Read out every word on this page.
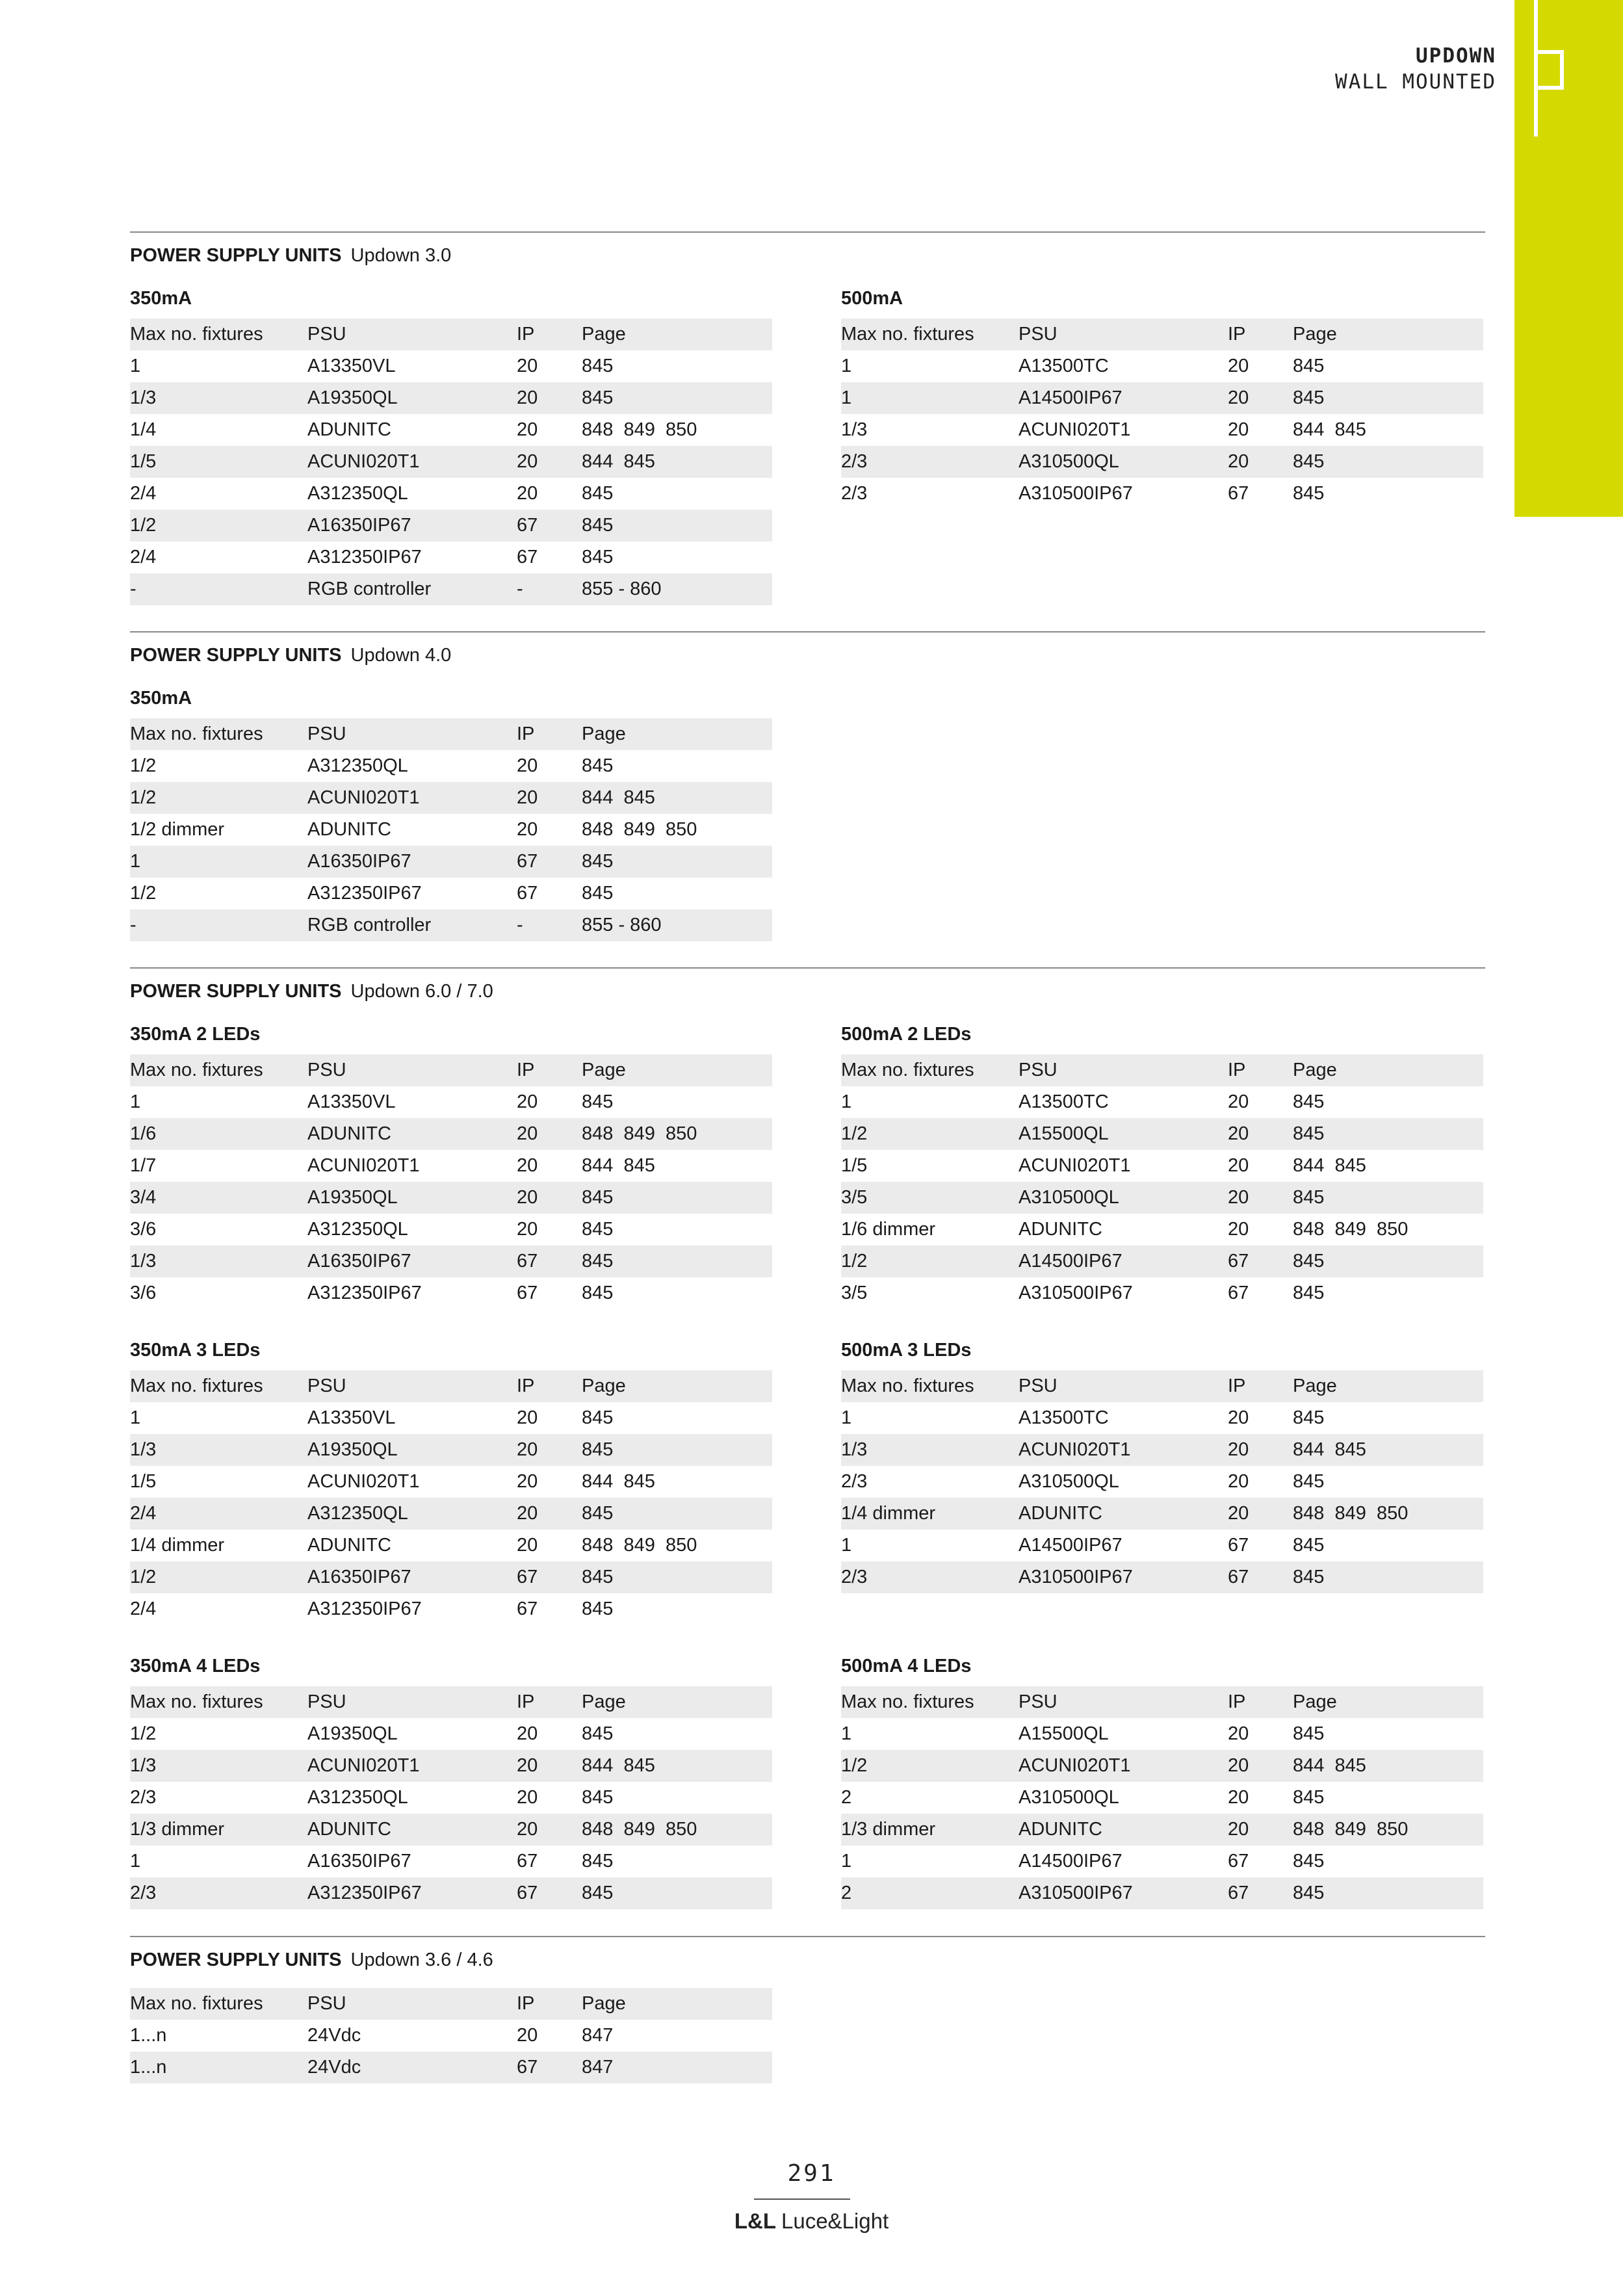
UPDOWN
WALL MOUNTED
POWER SUPPLY UNITS Updown 3.0
350mA
Max no. fixtures	PSU	IP	Page
1	A13350VL	20	845
1/3	A19350QL	20	845
1/4	ADUNITC	20	848  849  850
1/5	ACUNI020T1	20	844  845
2/4	A312350QL	20	845
1/2	A16350IP67	67	845
2/4	A312350IP67	67	845
-	RGB controller	-	855 - 860
500mA
Max no. fixtures	PSU	IP	Page
1	A13500TC	20	845
1	A14500IP67	20	845
1/3	ACUNI020T1	20	844  845
2/3	A310500QL	20	845
2/3	A310500IP67	67	845
POWER SUPPLY UNITS Updown 4.0
350mA
Max no. fixtures	PSU	IP	Page
1/2	A312350QL	20	845
1/2	ACUNI020T1	20	844  845
1/2 dimmer	ADUNITC	20	848  849  850
1	A16350IP67	67	845
1/2	A312350IP67	67	845
-	RGB controller	-	855 - 860
POWER SUPPLY UNITS Updown 6.0 / 7.0
350mA 2 LEDs
Max no. fixtures	PSU	IP	Page
1	A13350VL	20	845
1/6	ADUNITC	20	848  849  850
1/7	ACUNI020T1	20	844  845
3/4	A19350QL	20	845
3/6	A312350QL	20	845
1/3	A16350IP67	67	845
3/6	A312350IP67	67	845
500mA 2 LEDs
Max no. fixtures	PSU	IP	Page
1	A13500TC	20	845
1/2	A15500QL	20	845
1/5	ACUNI020T1	20	844  845
3/5	A310500QL	20	845
1/6 dimmer	ADUNITC	20	848  849  850
1/2	A14500IP67	67	845
3/5	A310500IP67	67	845
350mA 3 LEDs
Max no. fixtures	PSU	IP	Page
1	A13350VL	20	845
1/3	A19350QL	20	845
1/5	ACUNI020T1	20	844  845
2/4	A312350QL	20	845
1/4 dimmer	ADUNITC	20	848  849  850
1/2	A16350IP67	67	845
2/4	A312350IP67	67	845
500mA 3 LEDs
Max no. fixtures	PSU	IP	Page
1	A13500TC	20	845
1/3	ACUNI020T1	20	844  845
2/3	A310500QL	20	845
1/4 dimmer	ADUNITC	20	848  849  850
1	A14500IP67	67	845
2/3	A310500IP67	67	845
350mA 4 LEDs
Max no. fixtures	PSU	IP	Page
1/2	A19350QL	20	845
1/3	ACUNI020T1	20	844  845
2/3	A312350QL	20	845
1/3 dimmer	ADUNITC	20	848  849  850
1	A16350IP67	67	845
2/3	A312350IP67	67	845
500mA 4 LEDs
Max no. fixtures	PSU	IP	Page
1	A15500QL	20	845
1/2	ACUNI020T1	20	844  845
2	A310500QL	20	845
1/3 dimmer	ADUNITC	20	848  849  850
1	A14500IP67	67	845
2	A310500IP67	67	845
POWER SUPPLY UNITS Updown 3.6 / 4.6
Max no. fixtures	PSU	IP	Page
1...n	24Vdc	20	847
1...n	24Vdc	67	847
291
L&L Luce&Light
